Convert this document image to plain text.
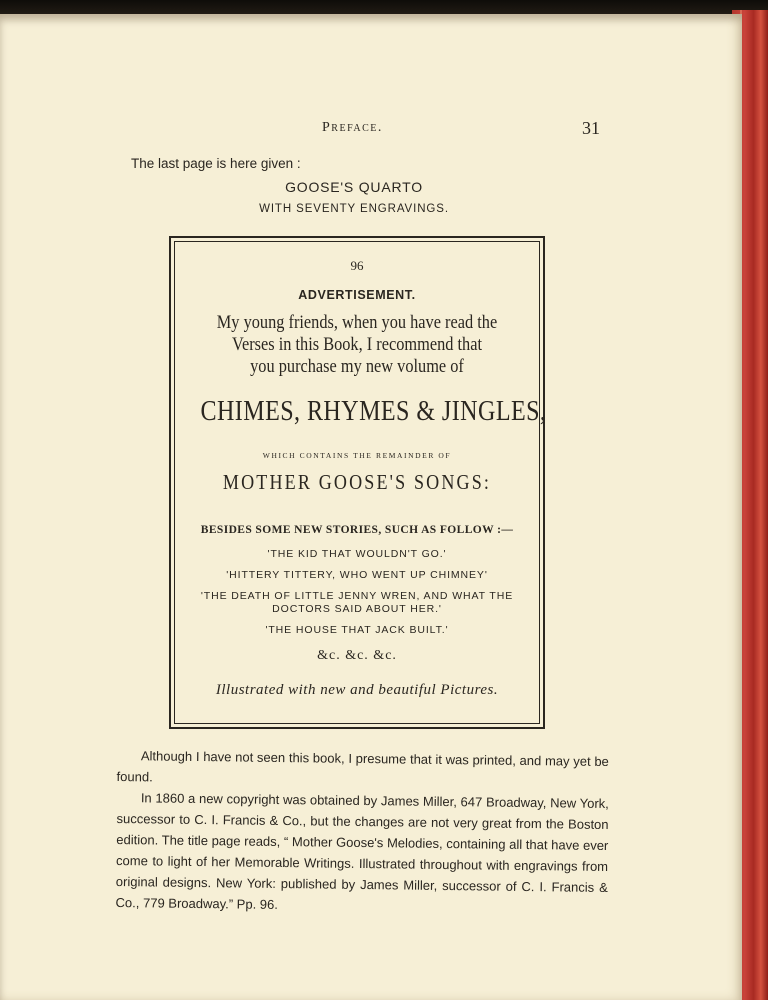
Preface.	31
The last page is here given :
GOOSE'S QUARTO
WITH SEVENTY ENGRAVINGS.
96
ADVERTISEMENT.
My young friends, when you have read the
Verses in this Book, I recommend that
you purchase my new volume of
CHIMES, RHYMES & JINGLES,
WHICH CONTAINS THE REMAINDER OF
MOTHER GOOSE'S SONGS:
BESIDES SOME NEW STORIES, SUCH AS FOLLOW :—
'THE KID THAT WOULDN'T GO.'
'HITTERY TITTERY, WHO WENT UP CHIMNEY'
'THE DEATH OF LITTLE JENNY WREN, AND WHAT THE
DOCTORS SAID ABOUT HER.'
'THE HOUSE THAT JACK BUILT.'
&c. &c. &c.
Illustrated with new and beautiful Pictures.
Although I have not seen this book, I presume that it was printed, and may yet be found.
In 1860 a new copyright was obtained by James Miller, 647 Broadway, New York, successor to C. I. Francis & Co., but the changes are not very great from the Boston edition. The title page reads, “ Mother Goose's Melodies, containing all that have ever come to light of her Memorable Writings. Illustrated throughout with engravings from original designs. New York: published by James Miller, successor of C. I. Francis & Co., 779 Broadway.” Pp. 96.
